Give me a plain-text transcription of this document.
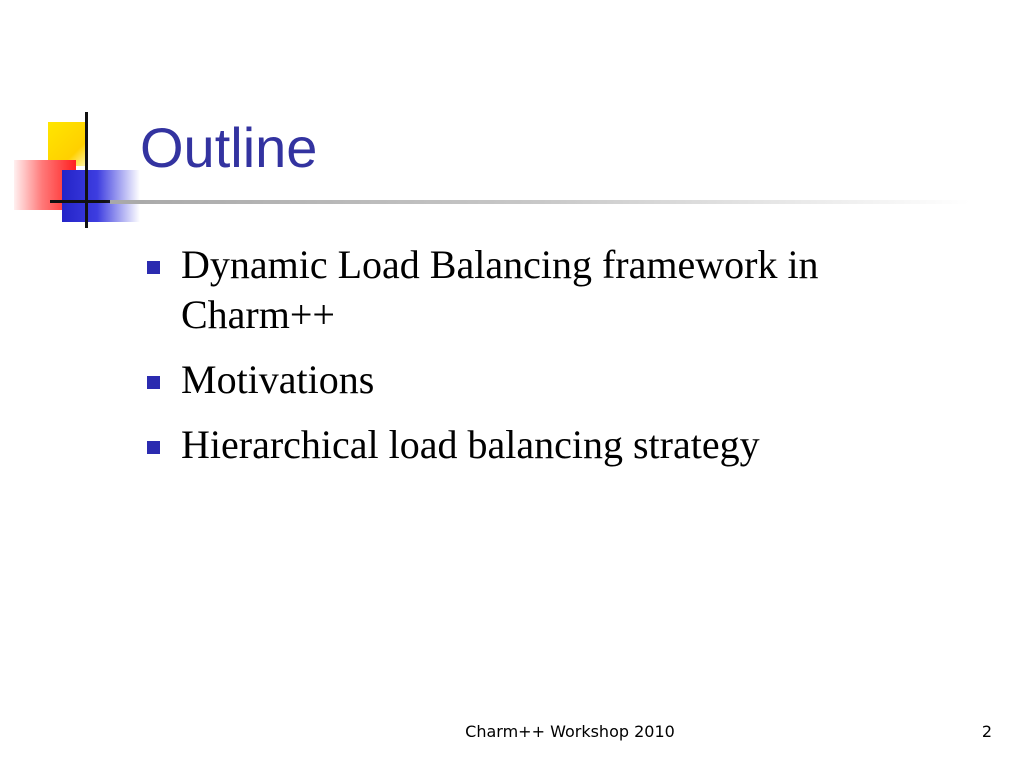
Outline
Dynamic Load Balancing framework in Charm++
Motivations
Hierarchical load balancing strategy
Charm++ Workshop 2010	2
